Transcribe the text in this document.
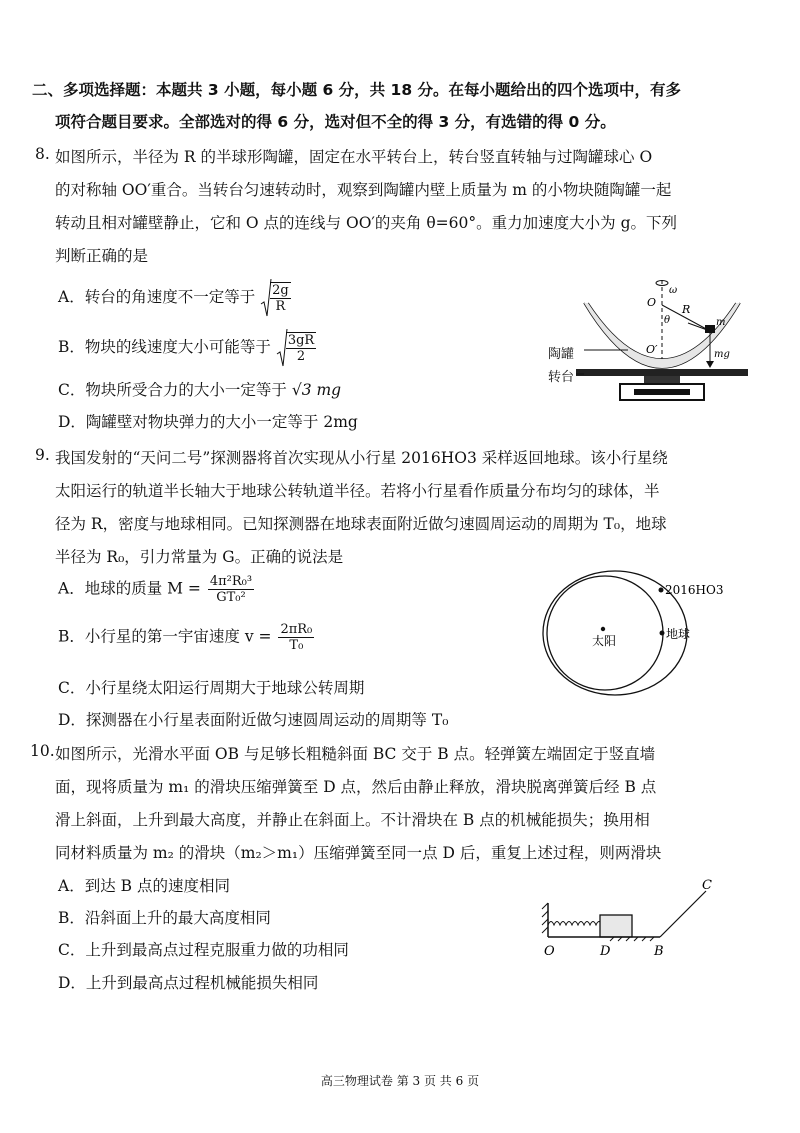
二、多项选择题：本题共 3 小题，每小题 6 分，共 18 分。在每小题给出的四个选项中，有多
项符合题目要求。全部选对的得 6 分，选对但不全的得 3 分，有选错的得 0 分。
8. 如图所示，半径为 R 的半球形陶罐，固定在水平转台上，转台竖直转轴与过陶罐球心 O
的对称轴 OO′重合。当转台匀速转动时，观察到陶罐内壁上质量为 m 的小物块随陶罐一起
转动且相对罐壁静止，它和 O 点的连线与 OO′的夹角 θ=60°。重力加速度大小为 g。下列
判断正确的是
A．转台的角速度不一定等于 $\frac{2g}{R}$
B．物块的线速度大小可能等于 $\frac{3gR}{2}$
C．物块所受合力的大小一定等于 √3 mg
D．陶罐壁对物块弹力的大小一定等于 2mg
ω
O
R
θ	m
mg
O′
陶罐
转台
9. 我国发射的“天问二号”探测器将首次实现从小行星 2016HO3 采样返回地球。该小行星绕
太阳运行的轨道半长轴大于地球公转轨道半径。若将小行星看作质量分布均匀的球体，半
径为 R，密度与地球相同。已知探测器在地球表面附近做匀速圆周运动的周期为 T₀，地球
半径为 R₀，引力常量为 G。正确的说法是
A．地球的质量 $M = \frac{\text{4π²R₀³}}{\text{GT₀²}}$
B．小行星的第一宇宙速度 $v = \frac{\text{2πR₀}}{\text{T₀}}$
C．小行星绕太阳运行周期大于地球公转周期
D．探测器在小行星表面附近做匀速圆周运动的周期等 T₀
太阳	地球
2016HO3
10. 如图所示，光滑水平面 OB 与足够长粗糙斜面 BC 交于 B 点。轻弹簧左端固定于竖直墙
面，现将质量为 m₁ 的滑块压缩弹簧至 D 点，然后由静止释放，滑块脱离弹簧后经 B 点
滑上斜面，上升到最大高度，并静止在斜面上。不计滑块在 B 点的机械能损失；换用相
同材料质量为 m₂ 的滑块（m₂＞m₁）压缩弹簧至同一点 D 后，重复上述过程，则两滑块
A．到达 B 点的速度相同
B．沿斜面上升的最大高度相同
C．上升到最高点过程克服重力做的功相同
D．上升到最高点过程机械能损失相同
C
O	D	B
高三物理试卷 第 3 页 共 6 页
